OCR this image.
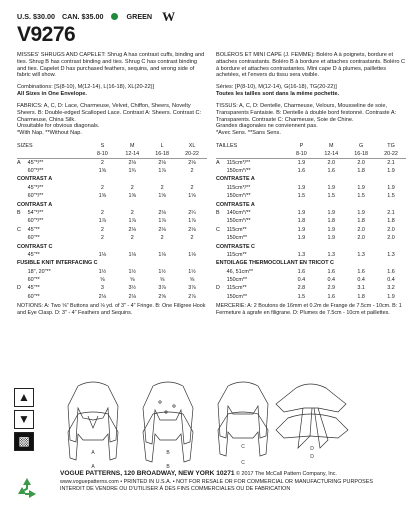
U.S. $30.00 CAN. $35.00	GREEN W
V9276
MISSES' SHRUGS AND CAPELET: Shrug A has contrast cuffs, binding and ties. Shrug B has contrast binding and ties. Shrug C has contrast binding and ties. Capelet D has purchased feathers, sequins, and wrong side of fabric will show.
Combinations: [S(8-10), M(12-14), L(16-18), XL(20-22)]
All Sizes in One Envelope.
FABRICS: A, C, D: Lace, Charmeuse, Velvet, Chiffon, Sheers, Novelty Sheers. B: Double-edged Scalloped Lace. Contrast A: Sheers. Contrast C: Charmeuse, China Silk.
Unsuitable for obvious diagonals.
*With Nap. **Without Nap.
SIZES		S	M	L	XL
		8-10	12-14	16-18	20-22
A	45"*/**	2	2⅛	2⅛	2⅛
	60"*/**	1⅝	1¾	1⅞	2
CONTRAST A					
	45"*/**	2	2	2	2
	60"*/**	1⅝	1⅝	1⅝	1⅝
CONTRAST A					
B	54"*/**	2	2	2⅛	2¼
	60"*/**	1⅞	1⅞	1⅞	1⅞
C	45"**	2	2⅛	2⅛	2⅛
	60"**	2	2	2	2
CONTRAST C					
	45"**	1⅛	1⅛	1⅛	1⅛
FUSIBLE KNIT INTERFACING C					
	18", 20"**	1½	1½	1½	1½
	60"**	⅝	⅝	⅝	⅝
D	45"**	3	3½	3⅞	3⅞
	60"**	2⅛	2⅛	2⅝	2⅞
NOTIONS: A: Two ⅝" Buttons and ⅛ yd. of 3" - 4" Fringe. B: One Fillgree Hook and Eye Clasp. D: 3" - 4" Feathers and Sequins.
BOLÉROS ET MINI CAPE (J. FEMME): Boléro A à poignets, bordure et attaches contrastants. Boléro B à bordure et attaches contrastants. Boléro C à bordure et attaches contrastantes. Mini cape D à plumes, paillettes achetées, et l'envers du tissu sera visible.
Séries: [P(8-10), M(12-14), G(16-18), TG(20-22)]
Toutes les tailles sont dans la même pochette.
TISSUS: A, C, D: Dentelle, Charmeuse, Velours, Mousseline de soie, Transparents Fantaisie. B: Dentelle à double bord festonné. Contraste A: Transparents. Contraste C: Charmeuse, Soie de Chine.
Grandes diagonales ne conviennent pas.
*Avec Sens. **Sans Sens.
TAILLES		P	M	G	TG
		8-10	12-14	16-18	20-22
A	115cm*/**	1.9	2.0	2.0	2.1
	150cm*/**	1.6	1.6	1.8	1.9
CONTRASTE A					
	115cm*/**	1.9	1.9	1.9	1.9
	150cm*/**	1.5	1.5	1.5	1.5
CONTRASTE A					
B	140cm*/**	1.9	1.9	1.9	2.1
	150cm*/**	1.8	1.8	1.8	1.8
C	115cm**	1.9	1.9	2.0	2.0
	150cm**	1.9	1.9	2.0	2.0
CONTRASTE C					
	115cm**	1.3	1.3	1.3	1.3
ENTOILAGE THERMOCOLLANT EN TRICOT C					
	46, 51cm**	1.6	1.6	1.6	1.6
	150cm**	0.4	0.4	0.4	0.4
D	115cm**	2.8	2.9	3.1	3.2
	150cm**	1.5	1.6	1.8	1.9
MERCERIE: A: 2 Boutons de 16mm et 0.2m de Frange de 7.5cm - 10cm. B: 1 Fermeture à agrafe en filigrane. D: Plumes de 7.5cm - 10cm et paillettes.
▲
▼
▩
A	B
C
D
A	B
C
D
VOGUE PATTERNS, 120 BROADWAY, NEW YORK 10271 © 2017 The McCall Pattern Company, Inc.
www.voguepatterns.com • PRINTED IN U.S.A. • NOT FOR RESALE OR FOR COMMERCIAL OR MANUFACTURING PURPOSES
INTERDIT DE VENDRE OU D'UTILISER À DES FINS COMMERCIALES OU DE FABRICATION
